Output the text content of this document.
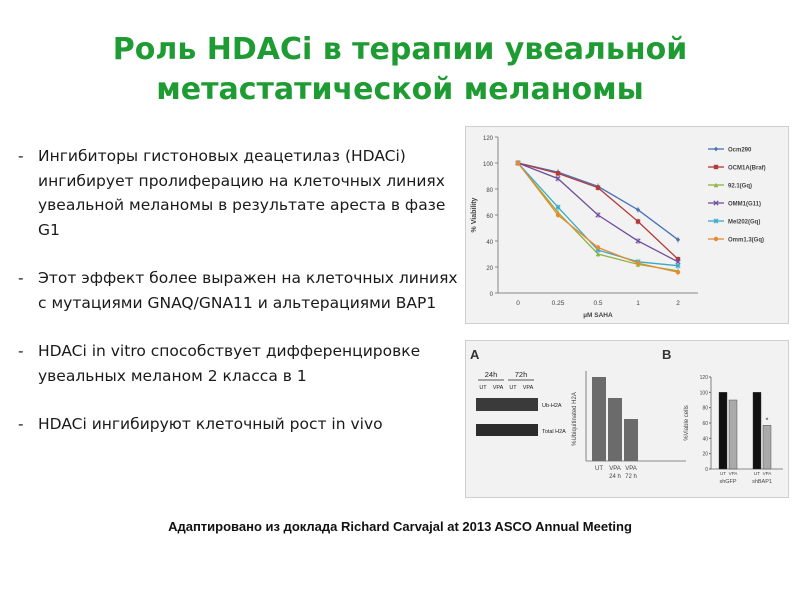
Роль HDACi в терапии увеальной
метастатической меланомы
- Ингибиторы гистоновых деацетилаз (HDACi) ингибирует пролиферацию на клеточных линиях увеальной меланомы в результате ареста в фазе G1
- Этот эффект более выражен на клеточных линиях с мутациями GNAQ/GNA11 и альтерациями BAP1
- HDACi in vitro способствует дифференцировке увеальных меланом 2 класса в 1
- HDACi ингибируют клеточный рост in vivo
0
20
40
60
80
100
120
0	0.25	0.5	1	2
µM SAHA
% Viability
Ocm290
OCM1A(Braf)
92.1(Gq)
OMM1(G11)
Mel202(Gq)
Omm1.3(Gq)
A
24h 72h
UT VPA UT VPA
Ub-H2A
Total H2A %Ubiquitinated H2A
UT VPA
24 h
VPA
72 h
B
0
20
40
60
80
100
120
%Viable cells
UT VPA
shGFP
UT VPA
shBAP1
*
Адаптировано из доклада Richard Carvajal at 2013 ASCO Annual Meeting
